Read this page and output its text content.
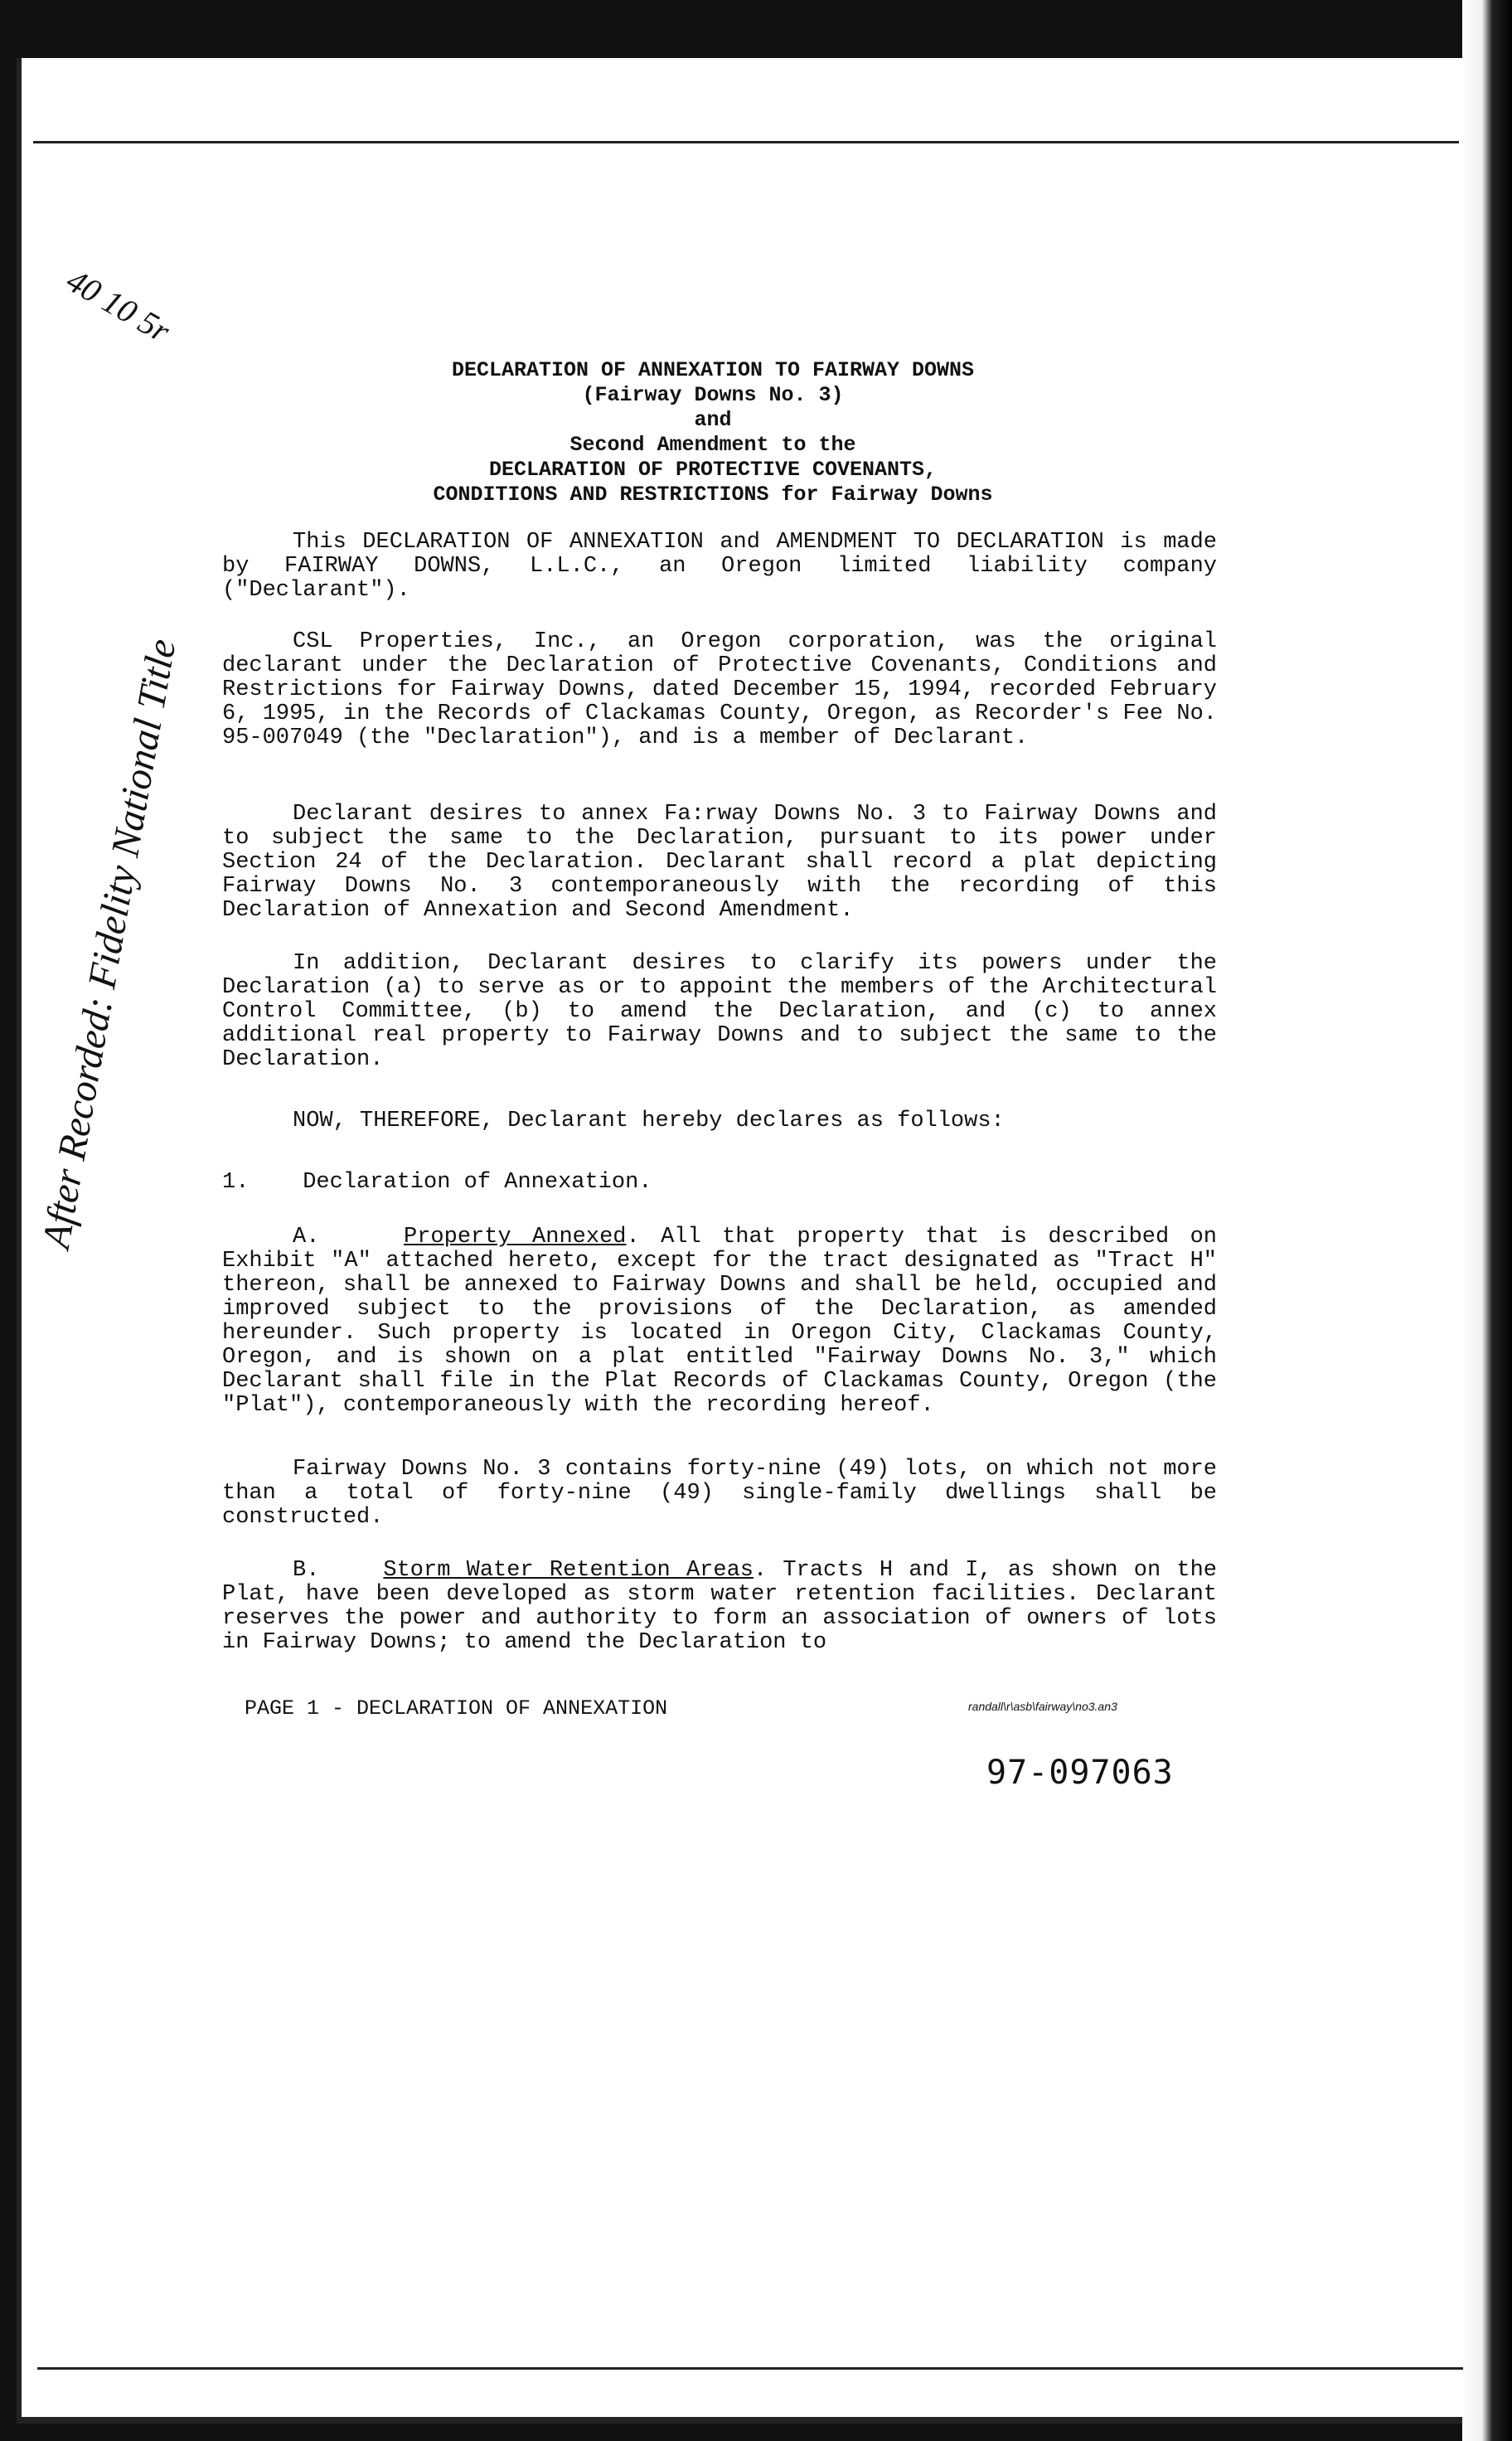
40 10 5r
After Recorded: Fidelity National Title
DECLARATION OF ANNEXATION TO FAIRWAY DOWNS
(Fairway Downs No. 3)
and
Second Amendment to the
DECLARATION OF PROTECTIVE COVENANTS,
CONDITIONS AND RESTRICTIONS for Fairway Downs

This DECLARATION OF ANNEXATION and AMENDMENT TO DECLARATION is made by FAIRWAY DOWNS, L.L.C., an Oregon limited liability company ("Declarant").

CSL Properties, Inc., an Oregon corporation, was the original declarant under the Declaration of Protective Covenants, Conditions and Restrictions for Fairway Downs, dated December 15, 1994, recorded February 6, 1995, in the Records of Clackamas County, Oregon, as Recorder's Fee No. 95-007049 (the "Declaration"), and is a member of Declarant.

Declarant desires to annex Fa:rway Downs No. 3 to Fairway Downs and to subject the same to the Declaration, pursuant to its power under Section 24 of the Declaration. Declarant shall record a plat depicting Fairway Downs No. 3 contemporaneously with the recording of this Declaration of Annexation and Second Amendment.

In addition, Declarant desires to clarify its powers under the Declaration (a) to serve as or to appoint the members of the Architectural Control Committee, (b) to amend the Declaration, and (c) to annex additional real property to Fairway Downs and to subject the same to the Declaration.

NOW, THEREFORE, Declarant hereby declares as follows:

1.    Declaration of Annexation.

A.    Property Annexed. All that property that is described on Exhibit "A" attached hereto, except for the tract designated as "Tract H" thereon, shall be annexed to Fairway Downs and shall be held, occupied and improved subject to the provisions of the Declaration, as amended hereunder. Such property is located in Oregon City, Clackamas County, Oregon, and is shown on a plat entitled "Fairway Downs No. 3," which Declarant shall file in the Plat Records of Clackamas County, Oregon (the "Plat"), contemporaneously with the recording hereof.

Fairway Downs No. 3 contains forty-nine (49) lots, on which not more than a total of forty-nine (49) single-family dwellings shall be constructed.

B.    Storm Water Retention Areas. Tracts H and I, as shown on the Plat, have been developed as storm water retention facilities. Declarant reserves the power and authority to form an association of owners of lots in Fairway Downs; to amend the Declaration to

PAGE 1 - DECLARATION OF ANNEXATION	randall\r\asb\fairway\no3.an3
97-097063
